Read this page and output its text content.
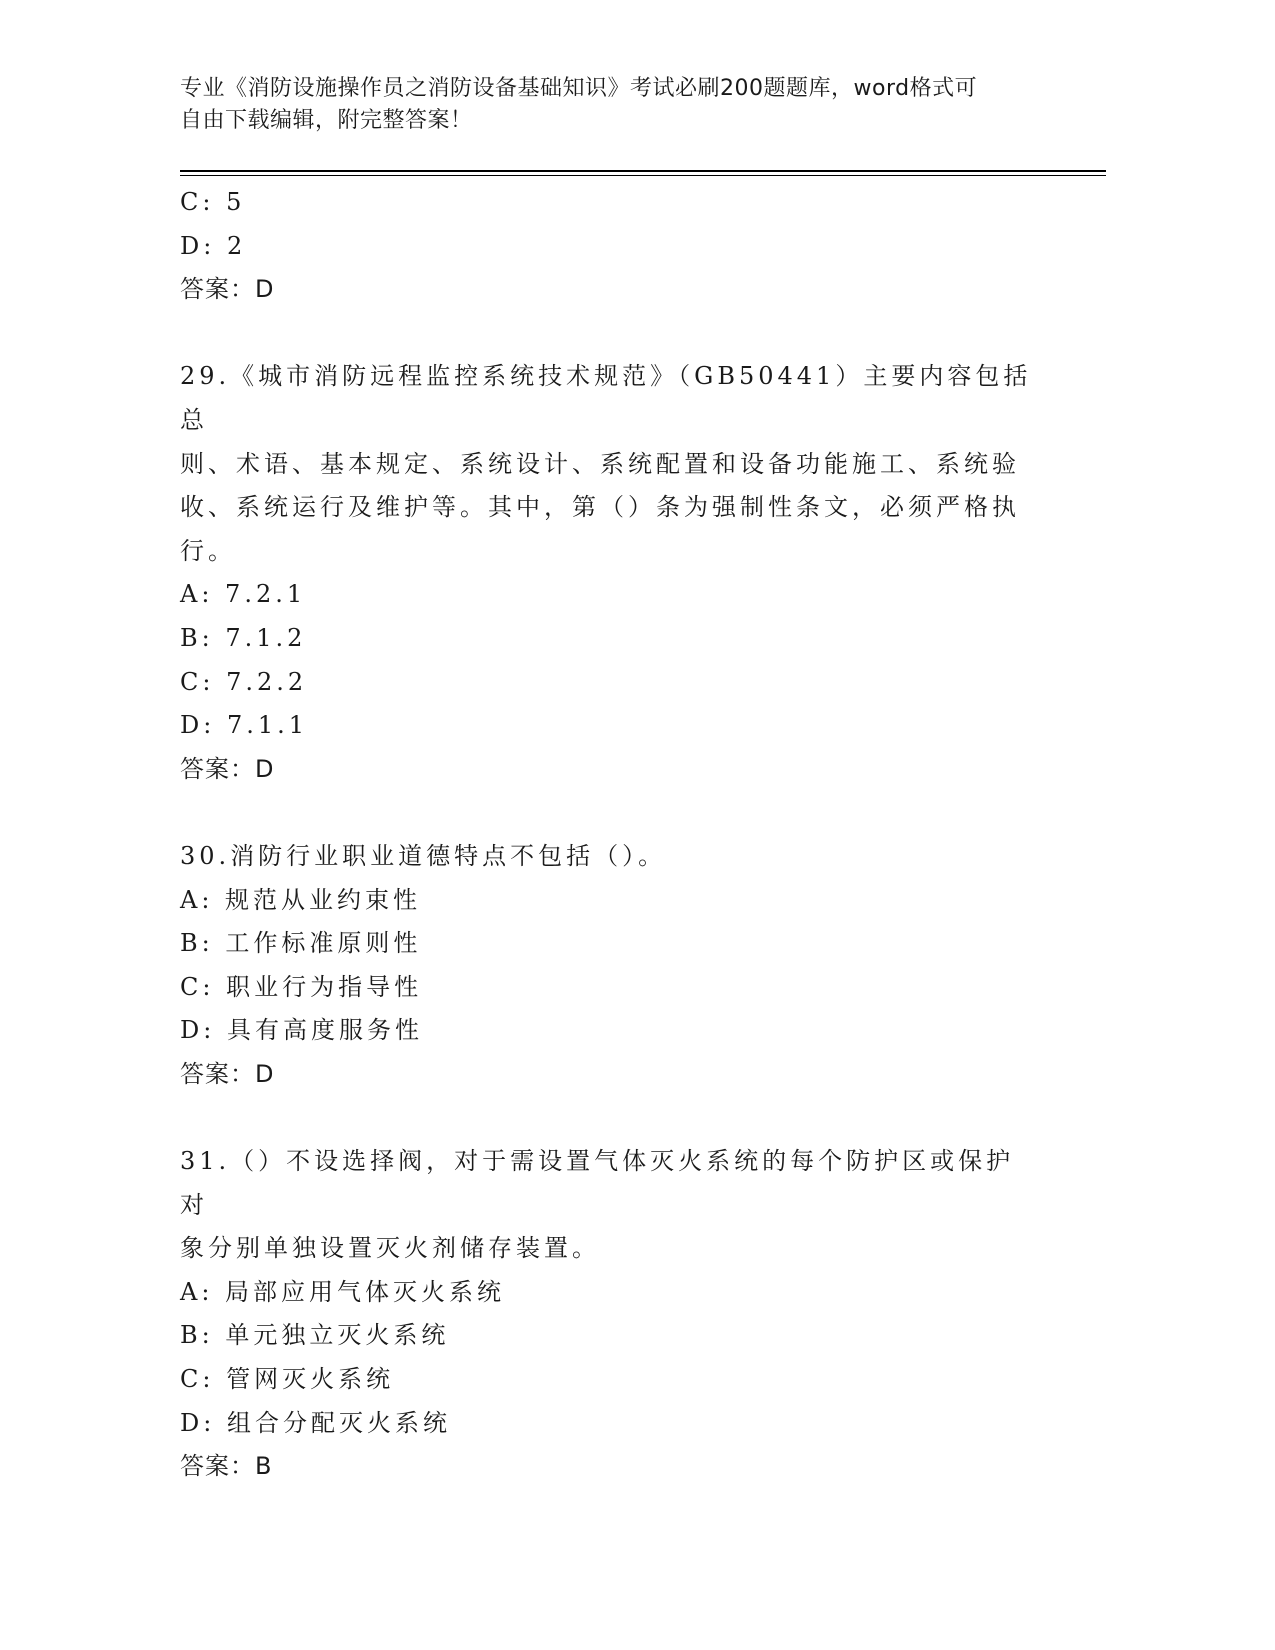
专业《消防设施操作员之消防设备基础知识》考试必刷200题题库，word格式可
自由下载编辑，附完整答案！
C: 5
D: 2
答案：D
29.《城市消防远程监控系统技术规范》（GB50441）主要内容包括总
则、术语、基本规定、系统设计、系统配置和设备功能施工、系统验
收、系统运行及维护等。其中，第（）条为强制性条文，必须严格执
行。
A: 7.2.1
B: 7.1.2
C: 7.2.2
D: 7.1.1
答案：D
30.消防行业职业道德特点不包括（）。
A: 规范从业约束性
B: 工作标准原则性
C: 职业行为指导性
D: 具有高度服务性
答案：D
31.（）不设选择阀，对于需设置气体灭火系统的每个防护区或保护对
象分别单独设置灭火剂储存装置。
A: 局部应用气体灭火系统
B: 单元独立灭火系统
C: 管网灭火系统
D: 组合分配灭火系统
答案：B
